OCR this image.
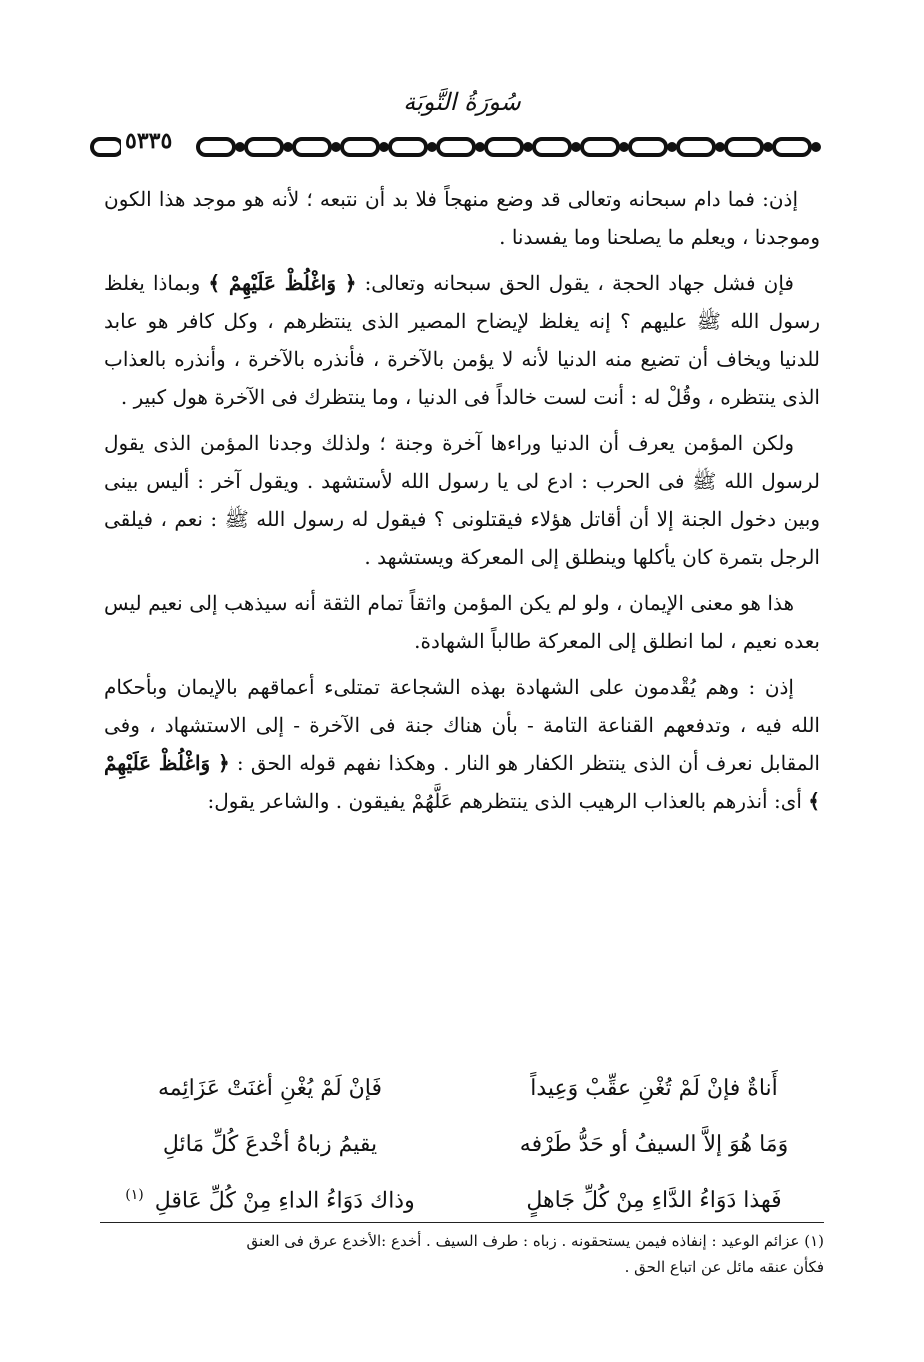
سُورَةُ التَّوبَة
٥٣٣٥

إذن: فما دام سبحانه وتعالى قد وضع منهجاً فلا بد أن نتبعه ؛ لأنه هو موجد هذا الكون وموجدنا ، ويعلم ما يصلحنا وما يفسدنا .

فإن فشل جهاد الحجة ، يقول الحق سبحانه وتعالى: ﴿ وَاغْلُظْ عَلَيْهِمْ ﴾ وبماذا يغلظ رسول الله ﷺ عليهم ؟ إنه يغلظ لإيضاح المصير الذى ينتظرهم ، وكل كافر هو عابد للدنيا ويخاف أن تضيع منه الدنيا لأنه لا يؤمن بالآخرة ، فأنذره بالآخرة ، وأنذره بالعذاب الذى ينتظره ، وقُلْ له : أنت لست خالداً فى الدنيا ، وما ينتظرك فى الآخرة هول كبير .

ولكن المؤمن يعرف أن الدنيا وراءها آخرة وجنة ؛ ولذلك وجدنا المؤمن الذى يقول لرسول الله ﷺ فى الحرب : ادع لى يا رسول الله لأستشهد . ويقول آخر : أليس بينى وبين دخول الجنة إلا أن أقاتل هؤلاء فيقتلونى ؟ فيقول له رسول الله ﷺ : نعم ، فيلقى الرجل بتمرة كان يأكلها وينطلق إلى المعركة ويستشهد .

هذا هو معنى الإيمان ، ولو لم يكن المؤمن واثقاً تمام الثقة أنه سيذهب إلى نعيم ليس بعده نعيم ، لما انطلق إلى المعركة طالباً الشهادة.

إذن : وهم يُقْدمون على الشهادة بهذه الشجاعة تمتلىء أعماقهم بالإيمان وبأحكام الله فيه ، وتدفعهم القناعة التامة - بأن هناك جنة فى الآخرة - إلى الاستشهاد ، وفى المقابل نعرف أن الذى ينتظر الكفار هو النار . وهكذا نفهم قوله الحق : ﴿ وَاغْلُظْ عَلَيْهِمْ ﴾ أى: أنذرهم بالعذاب الرهيب الذى ينتظرهم عَلَّهُمْ يفيقون . والشاعر يقول:

أَناةٌ فإنْ لَمْ تُغْنِ عقِّبْ وَعِيداً
فَإنْ لَمْ يُغْنِ أغنَتْ عَزَائِمه
وَمَا هُوَ إلاَّ السيفُ أو حَدُّ طَرْفه
يقيمُ زباهُ أخْدعَ كُلِّ مَائلِ
فَهذا دَوَاءُ الدَّاءِ مِنْ كُلِّ جَاهلٍ
وذاك دَوَاءُ الداءِ مِنْ كُلِّ عَاقلِ $^{(١)}$

(١) عزائم الوعيد : إنفاذه فيمن يستحقونه . زباه : طرف السيف . أخدع :الأخدع عرق فى العنق

فكأن عنقه مائل عن اتباع الحق .
